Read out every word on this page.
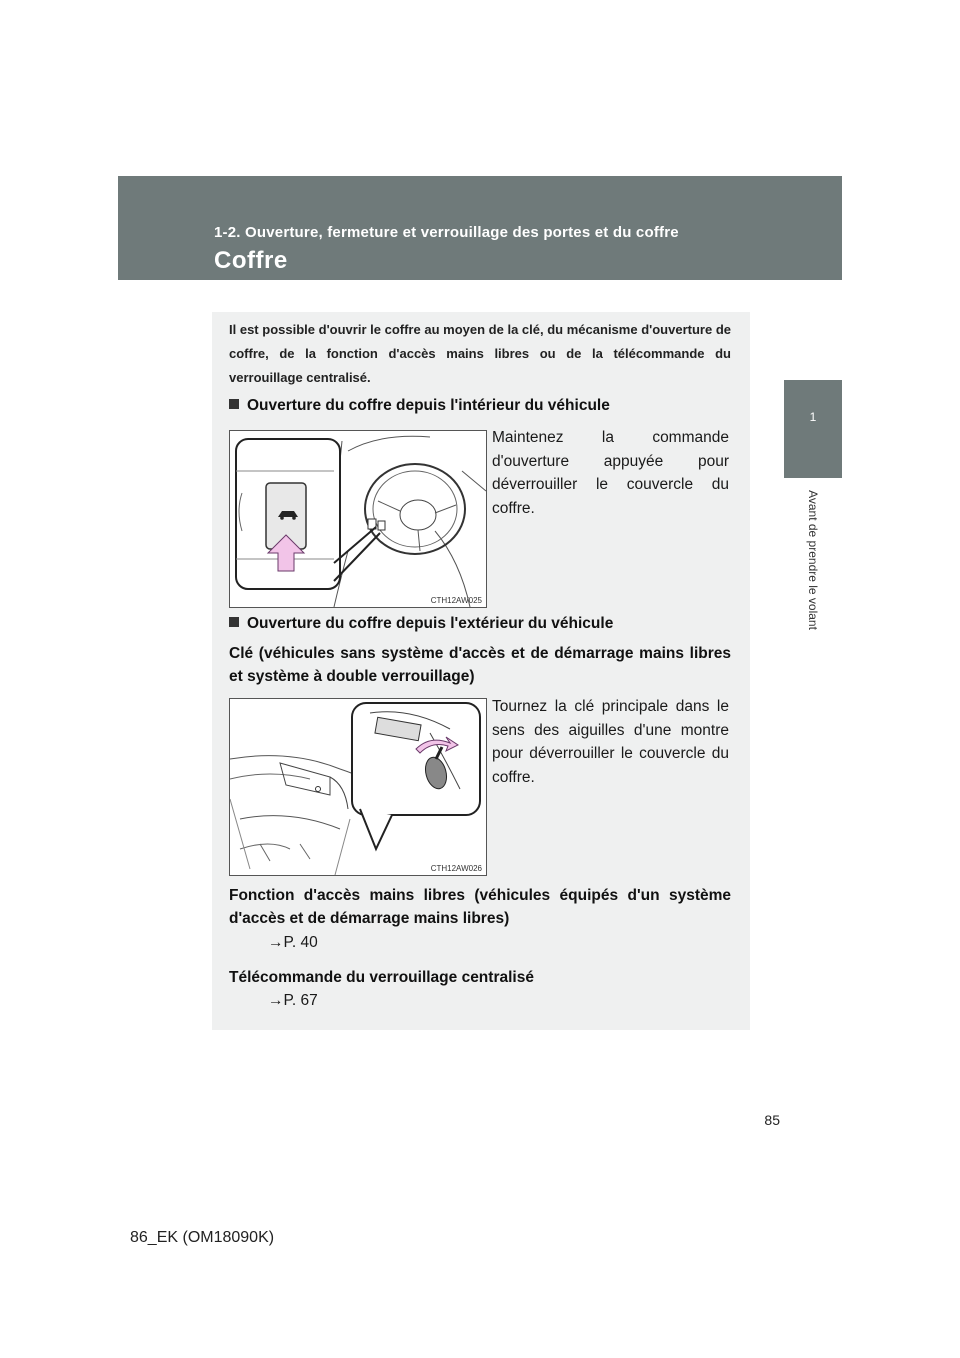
1-2. Ouverture, fermeture et verrouillage des portes et du coffre
Coffre
1
Avant de prendre le volant
Il est possible d'ouvrir le coffre au moyen de la clé, du mécanisme d'ouverture de coffre, de la fonction d'accès mains libres ou de la télécommande du verrouillage centralisé.
Ouverture du coffre depuis l'intérieur du véhicule
CTH12AW025
Maintenez la commande d'ouverture appuyée pour déverrouiller le couvercle du coffre.
Ouverture du coffre depuis l'extérieur du véhicule
Clé (véhicules sans système d'accès et de démarrage mains libres et système à double verrouillage)
CTH12AW026
Tournez la clé principale dans le sens des aiguilles d'une montre pour déverrouiller le couvercle du coffre.
Fonction d'accès mains libres (véhicules équipés d'un système d'accès et de démarrage mains libres)
→P. 40
Télécommande du verrouillage centralisé
→P. 67
85
86_EK (OM18090K)
